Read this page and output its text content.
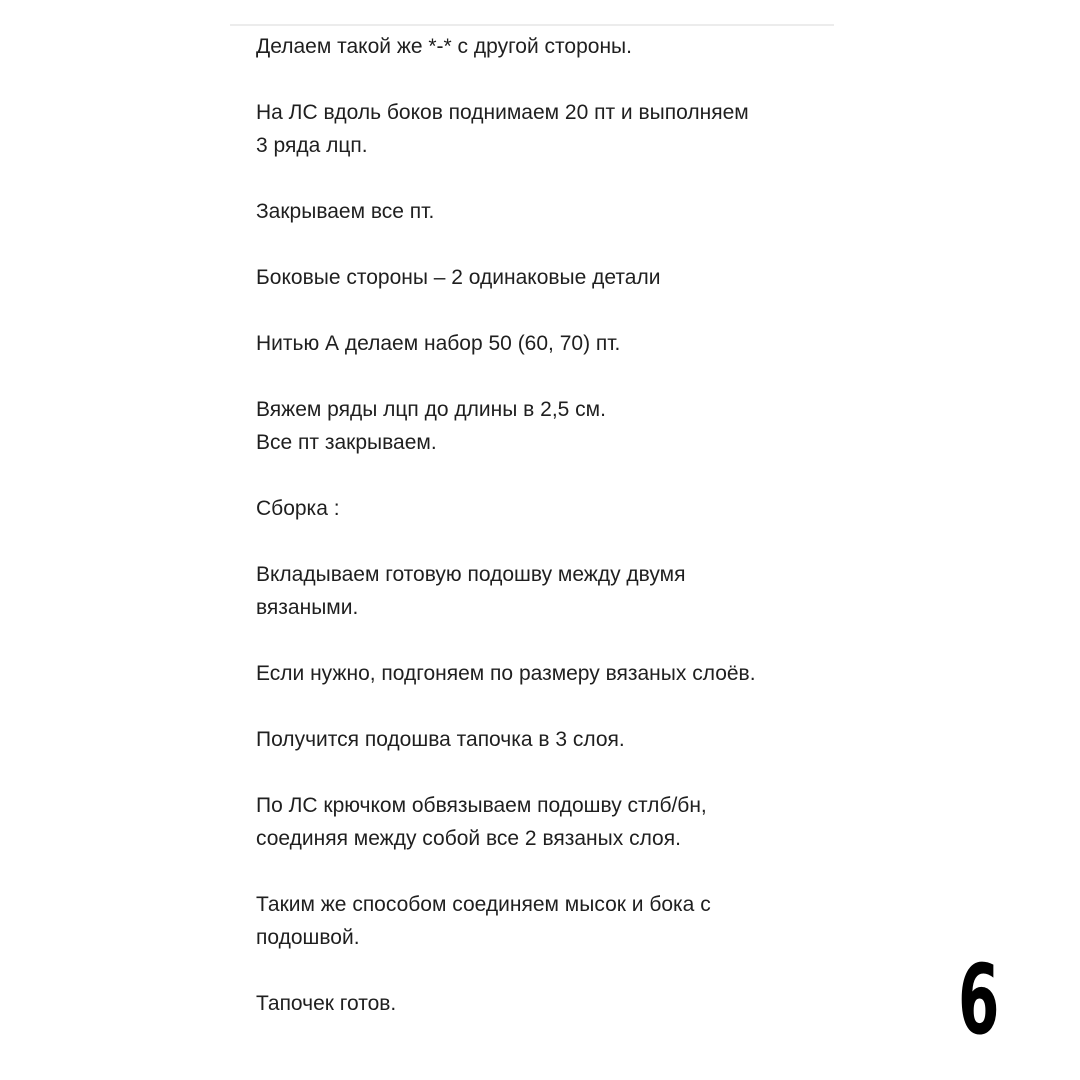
Делаем такой же *-* с другой стороны.

На ЛС вдоль боков поднимаем 20 пт и выполняем
3 ряда лцп.

Закрываем все пт.

Боковые стороны – 2 одинаковые детали

Нитью А делаем набор 50 (60, 70) пт.

Вяжем ряды лцп до длины в 2,5 см.
Все пт закрываем.

Сборка :

Вкладываем готовую подошву между двумя
вязаными.

Если нужно, подгоняем по размеру вязаных слоёв.

Получится подошва тапочка в 3 слоя.

По ЛС крючком обвязываем подошву стлб/бн,
соединяя между собой все 2 вязаных слоя.

Таким же способом соединяем мысок и бока с
подошвой.

Тапочек готов.	6
